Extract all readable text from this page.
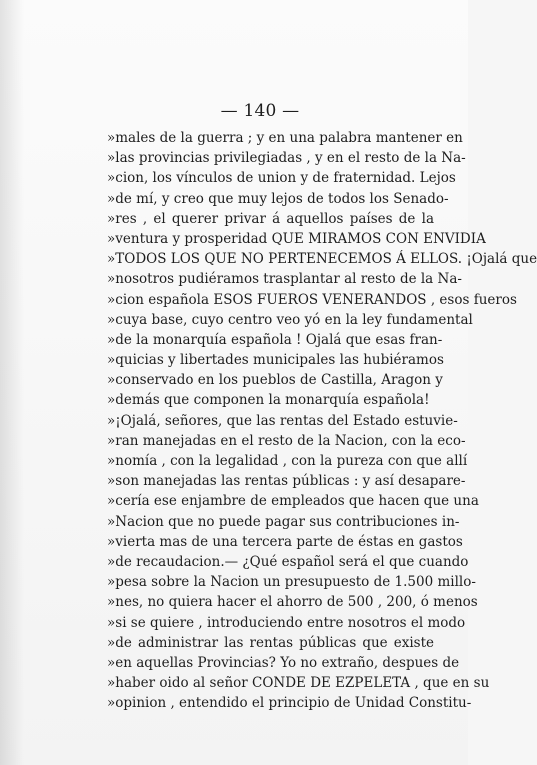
— 140 —
»males de la guerra ; y en una palabra mantener en
»las provincias privilegiadas , y en el resto de la Na-
»cion, los vínculos de union y de fraternidad. Lejos
»de mí, y creo que muy lejos de todos los Senado-
»res , el querer privar á aquellos países de la
»ventura y prosperidad QUE MIRAMOS CON ENVIDIA
»TODOS LOS QUE NO PERTENECEMOS Á ELLOS. ¡Ojalá que
»nosotros pudiéramos trasplantar al resto de la Na-
»cion española ESOS FUEROS VENERANDOS , esos fueros
»cuya base, cuyo centro veo yó en la ley fundamental
»de la monarquía española ! Ojalá que esas fran-
»quicias y libertades municipales las hubiéramos
»conservado en los pueblos de Castilla, Aragon y
»demás que componen la monarquía española!
»¡Ojalá, señores, que las rentas del Estado estuvie-
»ran manejadas en el resto de la Nacion, con la eco-
»nomía , con la legalidad , con la pureza con que allí
»son manejadas las rentas públicas : y así desapare-
»cería ese enjambre de empleados que hacen que una
»Nacion que no puede pagar sus contribuciones in-
»vierta mas de una tercera parte de éstas en gastos
»de recaudacion.— ¿Qué español será el que cuando
»pesa sobre la Nacion un presupuesto de 1.500 millo-
»nes, no quiera hacer el ahorro de 500 , 200, ó menos
»si se quiere , introduciendo entre nosotros el modo
»de administrar las rentas públicas que existe
»en aquellas Provincias? Yo no extraño, despues de
»haber oido al señor CONDE DE EZPELETA , que en su
»opinion , entendido el principio de Unidad Constitu-
